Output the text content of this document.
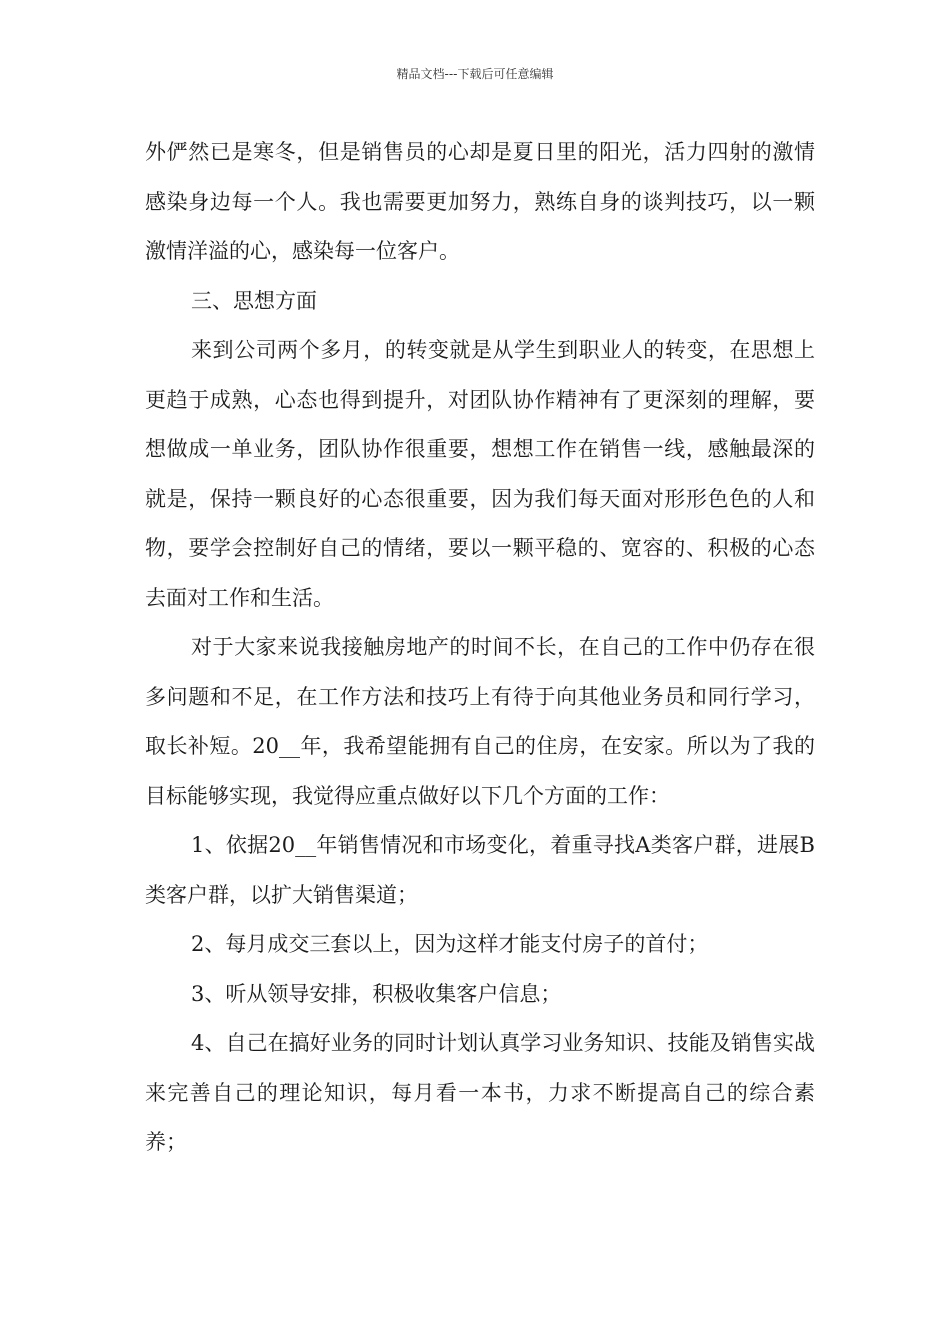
精品文档---下载后可任意编辑

外俨然已是寒冬，但是销售员的心却是夏日里的阳光，活力四射的激情感染身边每一个人。我也需要更加努力，熟练自身的谈判技巧，以一颗激情洋溢的心，感染每一位客户。

三、思想方面

来到公司两个多月，的转变就是从学生到职业人的转变，在思想上更趋于成熟，心态也得到提升，对团队协作精神有了更深刻的理解，要想做成一单业务，团队协作很重要，想想工作在销售一线，感触最深的就是，保持一颗良好的心态很重要，因为我们每天面对形形色色的人和物，要学会控制好自己的情绪，要以一颗平稳的、宽容的、积极的心态去面对工作和生活。

对于大家来说我接触房地产的时间不长，在自己的工作中仍存在很多问题和不足，在工作方法和技巧上有待于向其他业务员和同行学习，取长补短。20__年，我希望能拥有自己的住房，在安家。所以为了我的目标能够实现，我觉得应重点做好以下几个方面的工作：

1、依据20__年销售情况和市场变化，着重寻找A类客户群，进展B类客户群，以扩大销售渠道；

2、每月成交三套以上，因为这样才能支付房子的首付；

3、听从领导安排，积极收集客户信息；

4、自己在搞好业务的同时计划认真学习业务知识、技能及销售实战来完善自己的理论知识，每月看一本书，力求不断提高自己的综合素养；
